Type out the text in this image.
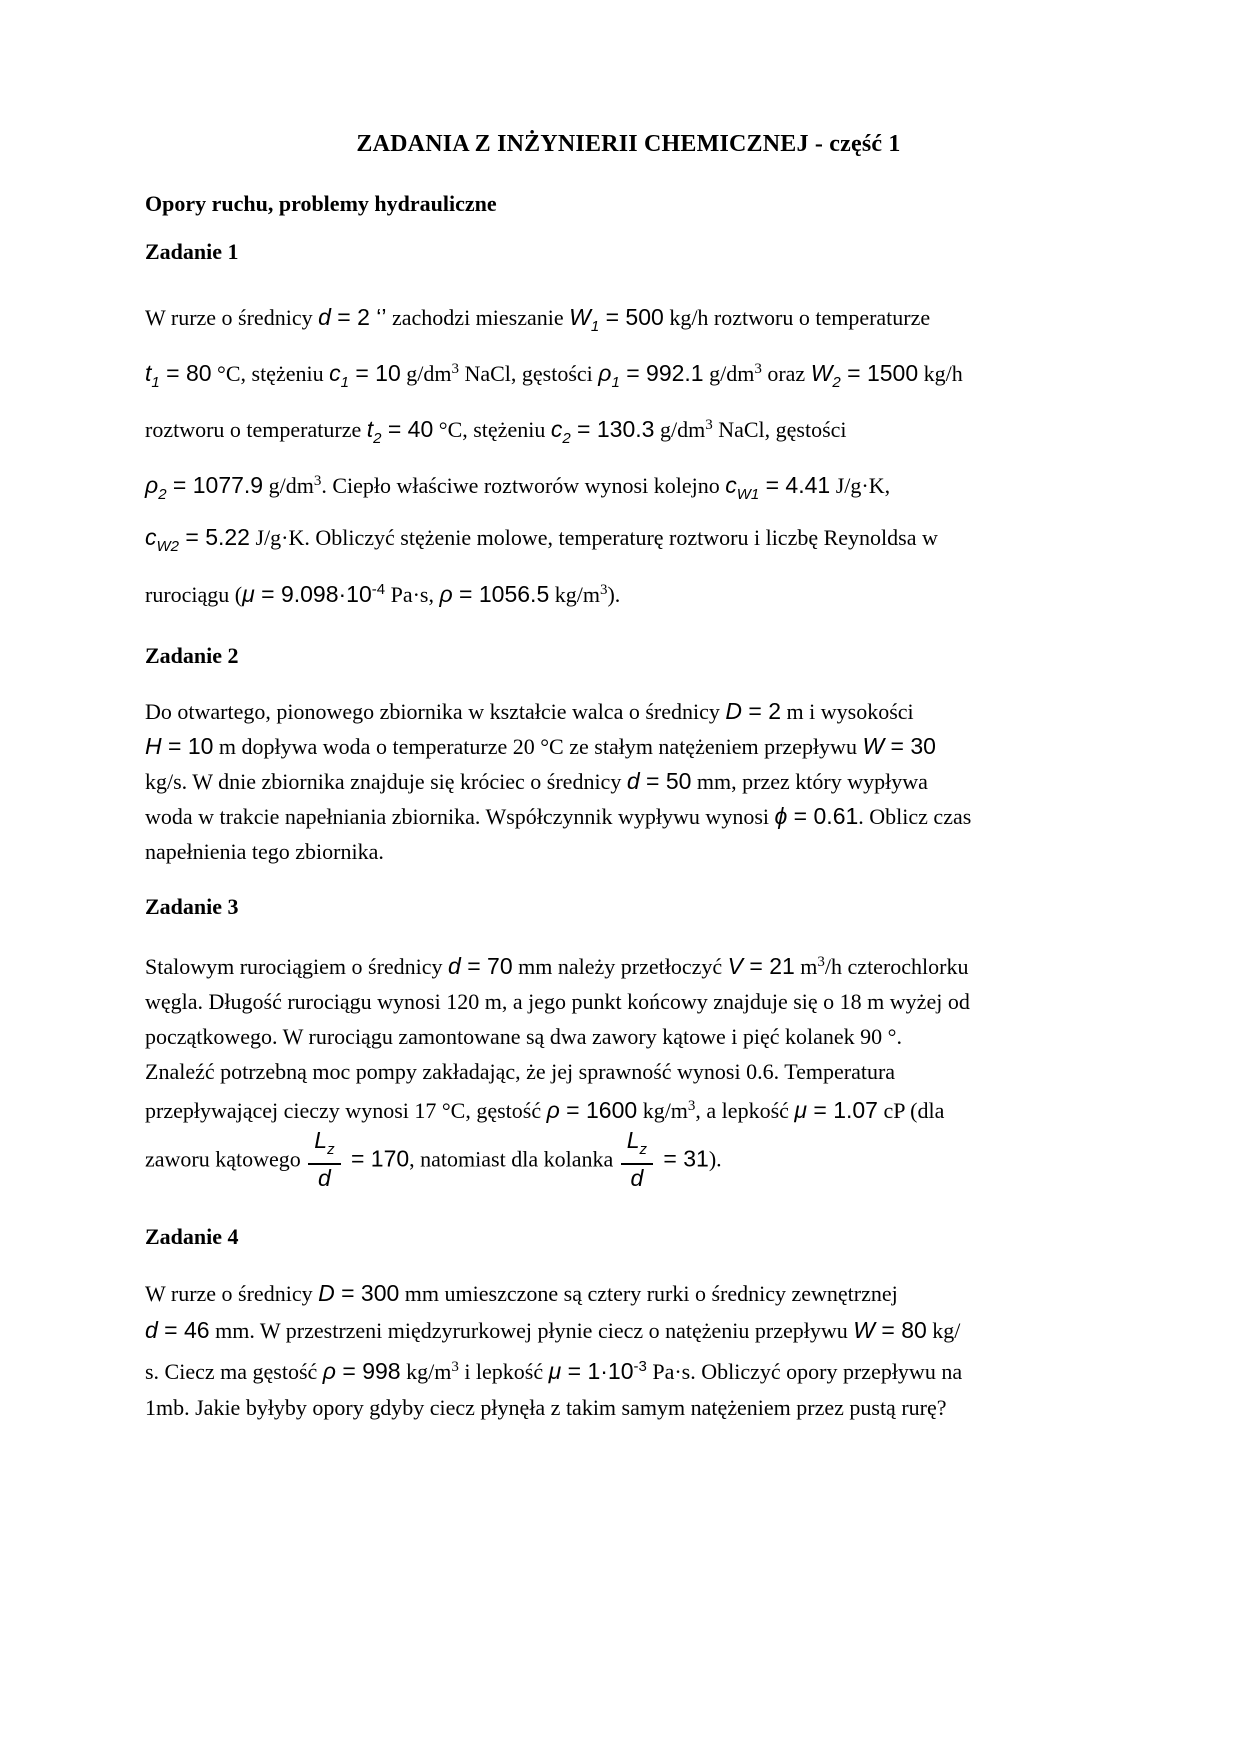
ZADANIA Z INŻYNIERII CHEMICZNEJ - część 1
Opory ruchu, problemy hydrauliczne
Zadanie 1
W rurze o średnicy d = 2 ‘’ zachodzi mieszanie $W_1 = 500$ kg/h roztworu o temperaturze
$t_1 = 80$ °C, stężeniu $c_1 = 10$ $g/dm^3$ NaCl, gęstości $\rho_1 = 992.1$ $g/dm^3$ oraz $W_2 = 1500$ kg/h
roztworu o temperaturze $t_2 = 40$ °C, stężeniu $c_2 = 130.3$ $g/dm^3$ NaCl, gęstości
$\rho_2 = 1077.9$ $g/dm^3$. Ciepło właściwe roztworów wynosi kolejno $c_{W1} = 4.41$ J/g·K,
$c_{W2} = 5.22$ J/g·K. Obliczyć stężenie molowe, temperaturę roztworu i liczbę Reynoldsa w
rurociągu ($\mu = 9.098\cdot 10^{-4}$ Pa·s, ρ = 1056.5 $kg/m^3$).
Zadanie 2
Do otwartego, pionowego zbiornika w kształcie walca o średnicy D = 2 m i wysokości
H = 10 m dopływa woda o temperaturze 20 °C ze stałym natężeniem przepływu W = 30
kg/s. W dnie zbiornika znajduje się króciec o średnicy d = 50 mm, przez który wypływa
woda w trakcie napełniania zbiornika. Współczynnik wypływu wynosi ϕ = 0.61. Oblicz czas
napełnienia tego zbiornika.
Zadanie 3
Stalowym rurociągiem o średnicy d = 70 mm należy przetłoczyć V = 21 $m^3/h$ czterochlorku
węgla. Długość rurociągu wynosi 120 m, a jego punkt końcowy znajduje się o 18 m wyżej od
początkowego. W rurociągu zamontowane są dwa zawory kątowe i pięć kolanek 90 °.
Znaleźć potrzebną moc pompy zakładając, że jej sprawność wynosi 0.6. Temperatura
przepływającej cieczy wynosi 17 °C, gęstość ρ = 1600 $kg/m^3$, a lepkość μ = 1.07 cP (dla
zaworu kątowego $\frac{L_z}{d} = 170$, natomiast dla kolanka $\frac{L_z}{d} = 31$).
Zadanie 4
W rurze o średnicy D = 300 mm umieszczone są cztery rurki o średnicy zewnętrznej
d = 46 mm. W przestrzeni międzyrurkowej płynie ciecz o natężeniu przepływu W = 80 kg/
s. Ciecz ma gęstość ρ = 998 $kg/m^3$ i lepkość $\mu = 1\cdot 10^{-3}$ Pa·s. Obliczyć opory przepływu na
1mb. Jakie byłyby opory gdyby ciecz płynęła z takim samym natężeniem przez pustą rurę?
